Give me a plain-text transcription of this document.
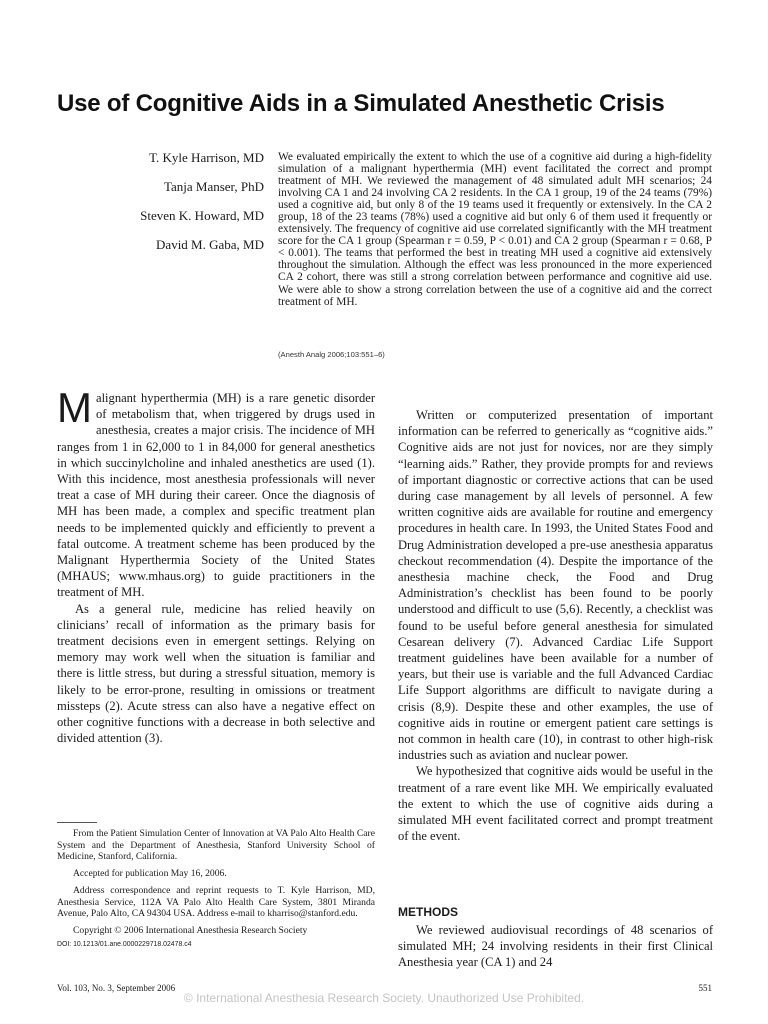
Use of Cognitive Aids in a Simulated Anesthetic Crisis
T. Kyle Harrison, MD
Tanja Manser, PhD
Steven K. Howard, MD
David M. Gaba, MD
We evaluated empirically the extent to which the use of a cognitive aid during a high-fidelity simulation of a malignant hyperthermia (MH) event facilitated the correct and prompt treatment of MH. We reviewed the management of 48 simulated adult MH scenarios; 24 involving CA 1 and 24 involving CA 2 residents. In the CA 1 group, 19 of the 24 teams (79%) used a cognitive aid, but only 8 of the 19 teams used it frequently or extensively. In the CA 2 group, 18 of the 23 teams (78%) used a cognitive aid but only 6 of them used it frequently or extensively. The frequency of cognitive aid use correlated significantly with the MH treatment score for the CA 1 group (Spearman r = 0.59, P < 0.01) and CA 2 group (Spearman r = 0.68, P < 0.001). The teams that performed the best in treating MH used a cognitive aid extensively throughout the simulation. Although the effect was less pronounced in the more experienced CA 2 cohort, there was still a strong correlation between performance and cognitive aid use. We were able to show a strong correlation between the use of a cognitive aid and the correct treatment of MH.
(Anesth Analg 2006;103:551–6)

Malignant hyperthermia (MH) is a rare genetic disorder of metabolism that, when triggered by drugs used in anesthesia, creates a major crisis. The incidence of MH ranges from 1 in 62,000 to 1 in 84,000 for general anesthetics in which succinylcholine and inhaled anesthetics are used (1). With this incidence, most anesthesia professionals will never treat a case of MH during their career. Once the diagnosis of MH has been made, a complex and specific treatment plan needs to be implemented quickly and efficiently to prevent a fatal outcome. A treatment scheme has been produced by the Malignant Hyperthermia Society of the United States (MHAUS; www.mhaus.org) to guide practitioners in the treatment of MH.

As a general rule, medicine has relied heavily on clinicians’ recall of information as the primary basis for treatment decisions even in emergent settings. Relying on memory may work well when the situation is familiar and there is little stress, but during a stressful situation, memory is likely to be error-prone, resulting in omissions or treatment missteps (2). Acute stress can also have a negative effect on other cognitive functions with a decrease in both selective and divided attention (3).

Written or computerized presentation of important information can be referred to generically as “cognitive aids.” Cognitive aids are not just for novices, nor are they simply “learning aids.” Rather, they provide prompts for and reviews of important diagnostic or corrective actions that can be used during case management by all levels of personnel. A few written cognitive aids are available for routine and emergency procedures in health care. In 1993, the United States Food and Drug Administration developed a pre-use anesthesia apparatus checkout recommendation (4). Despite the importance of the anesthesia machine check, the Food and Drug Administration’s checklist has been found to be poorly understood and difficult to use (5,6). Recently, a checklist was found to be useful before general anesthesia for simulated Cesarean delivery (7). Advanced Cardiac Life Support treatment guidelines have been available for a number of years, but their use is variable and the full Advanced Cardiac Life Support algorithms are difficult to navigate during a crisis (8,9). Despite these and other examples, the use of cognitive aids in routine or emergent patient care settings is not common in health care (10), in contrast to other high-risk industries such as aviation and nuclear power.

We hypothesized that cognitive aids would be useful in the treatment of a rare event like MH. We empirically evaluated the extent to which the use of cognitive aids during a simulated MH event facilitated correct and prompt treatment of the event.

From the Patient Simulation Center of Innovation at VA Palo Alto Health Care System and the Department of Anesthesia, Stanford University School of Medicine, Stanford, California.

Accepted for publication May 16, 2006.

Address correspondence and reprint requests to T. Kyle Harrison, MD, Anesthesia Service, 112A VA Palo Alto Health Care System, 3801 Miranda Avenue, Palo Alto, CA 94304 USA. Address e-mail to kharriso@stanford.edu.

Copyright © 2006 International Anesthesia Research Society

DOI: 10.1213/01.ane.0000229718.02478.c4

METHODS

We reviewed audiovisual recordings of 48 scenarios of simulated MH; 24 involving residents in their first Clinical Anesthesia year (CA 1) and 24

Vol. 103, No. 3, September 2006	551
© International Anesthesia Research Society. Unauthorized Use Prohibited.
